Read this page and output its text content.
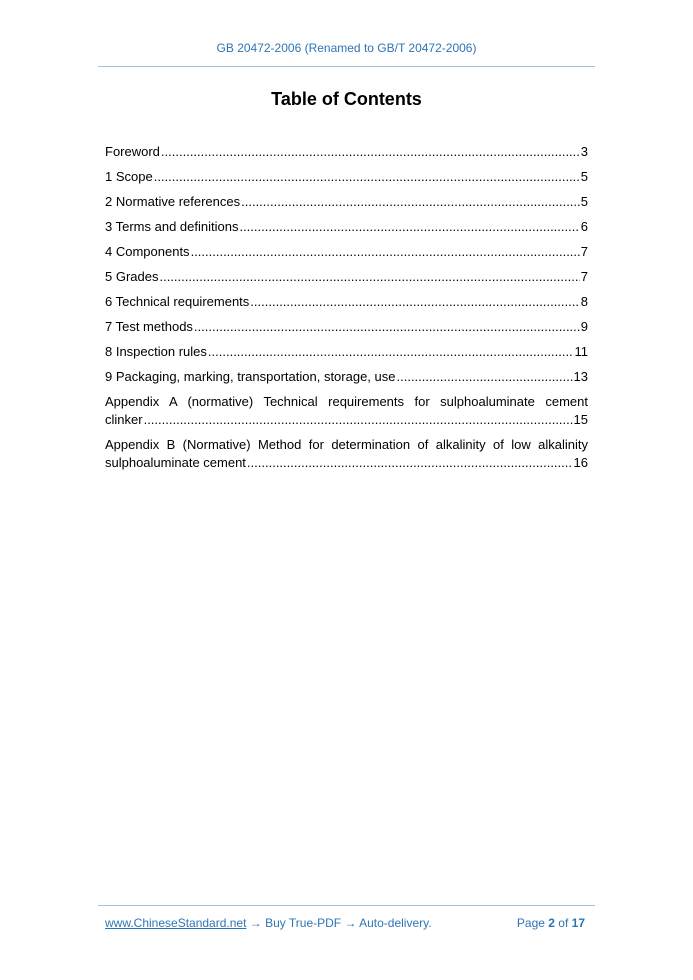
GB 20472-2006 (Renamed to GB/T 20472-2006)
Table of Contents
Foreword .....	3
1 Scope .....	5
2 Normative references .....	5
3 Terms and definitions .....	6
4 Components .....	7
5 Grades .....	7
6 Technical requirements .....	8
7 Test methods .....	9
8 Inspection rules .....	11
9 Packaging, marking, transportation, storage, use .....	13
Appendix A (normative) Technical requirements for sulphoaluminate cement
clinker .....	15
Appendix B (Normative) Method for determination of alkalinity of low alkalinity
sulphoaluminate cement .....	16
www.ChineseStandard.net → Buy True-PDF → Auto-delivery.	Page 2 of 17
